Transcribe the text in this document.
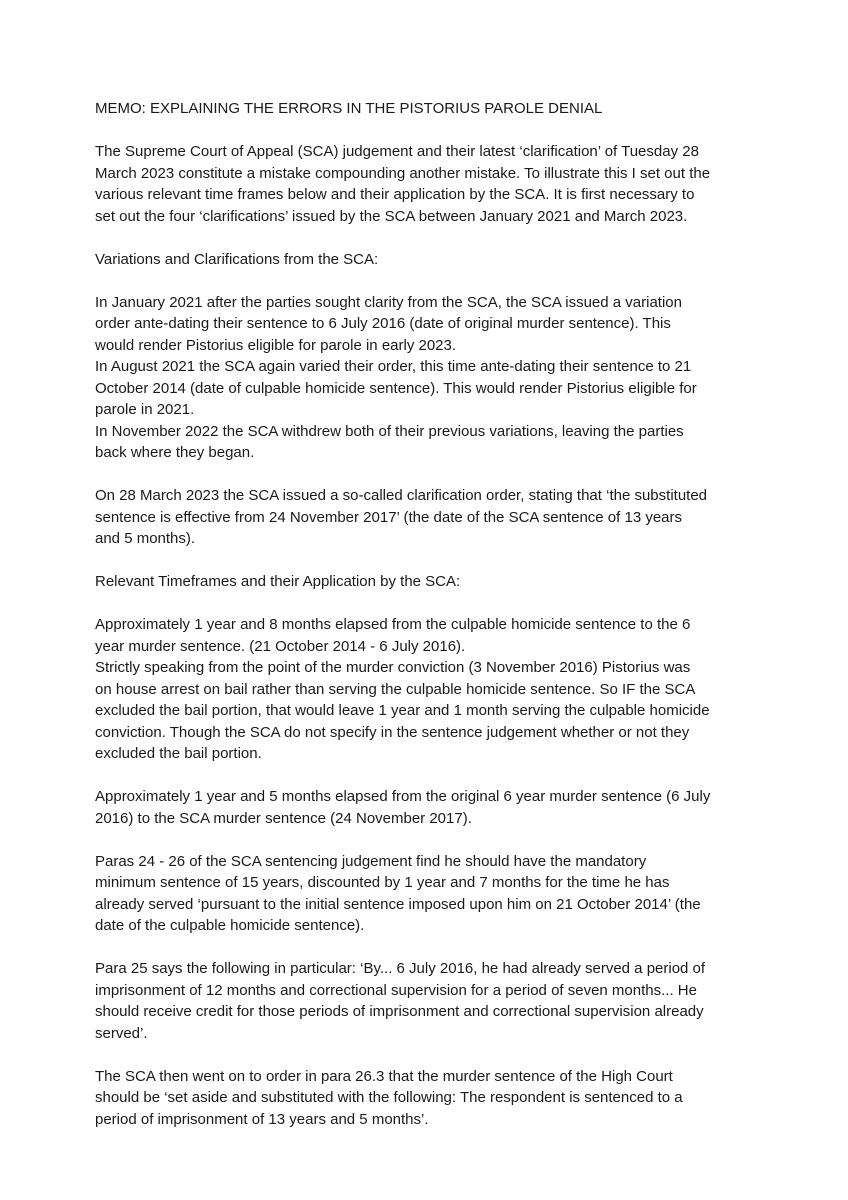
MEMO: EXPLAINING THE ERRORS IN THE PISTORIUS PAROLE DENIAL

The Supreme Court of Appeal (SCA) judgement and their latest ‘clarification’ of Tuesday 28
March 2023 constitute a mistake compounding another mistake. To illustrate this I set out the
various relevant time frames below and their application by the SCA. It is first necessary to
set out the four ‘clarifications’ issued by the SCA between January 2021 and March 2023.

Variations and Clarifications from the SCA:

In January 2021 after the parties sought clarity from the SCA, the SCA issued a variation
order ante-dating their sentence to 6 July 2016 (date of original murder sentence). This
would render Pistorius eligible for parole in early 2023.

In August 2021 the SCA again varied their order, this time ante-dating their sentence to 21
October 2014 (date of culpable homicide sentence). This would render Pistorius eligible for
parole in 2021.

In November 2022 the SCA withdrew both of their previous variations, leaving the parties
back where they began.

On 28 March 2023 the SCA issued a so-called clarification order, stating that ‘the substituted
sentence is effective from 24 November 2017’ (the date of the SCA sentence of 13 years
and 5 months).

Relevant Timeframes and their Application by the SCA:

Approximately 1 year and 8 months elapsed from the culpable homicide sentence to the 6
year murder sentence. (21 October 2014 - 6 July 2016).

Strictly speaking from the point of the murder conviction (3 November 2016) Pistorius was
on house arrest on bail rather than serving the culpable homicide sentence. So IF the SCA
excluded the bail portion, that would leave 1 year and 1 month serving the culpable homicide
conviction. Though the SCA do not specify in the sentence judgement whether or not they
excluded the bail portion.

Approximately 1 year and 5 months elapsed from the original 6 year murder sentence (6 July
2016) to the SCA murder sentence (24 November 2017).

Paras 24 - 26 of the SCA sentencing judgement find he should have the mandatory
minimum sentence of 15 years, discounted by 1 year and 7 months for the time he has
already served ‘pursuant to the initial sentence imposed upon him on 21 October 2014’ (the
date of the culpable homicide sentence).

Para 25 says the following in particular: ‘By... 6 July 2016, he had already served a period of
imprisonment of 12 months and correctional supervision for a period of seven months... He
should receive credit for those periods of imprisonment and correctional supervision already
served’.

The SCA then went on to order in para 26.3 that the murder sentence of the High Court
should be ‘set aside and substituted with the following: The respondent is sentenced to a
period of imprisonment of 13 years and 5 months’.
